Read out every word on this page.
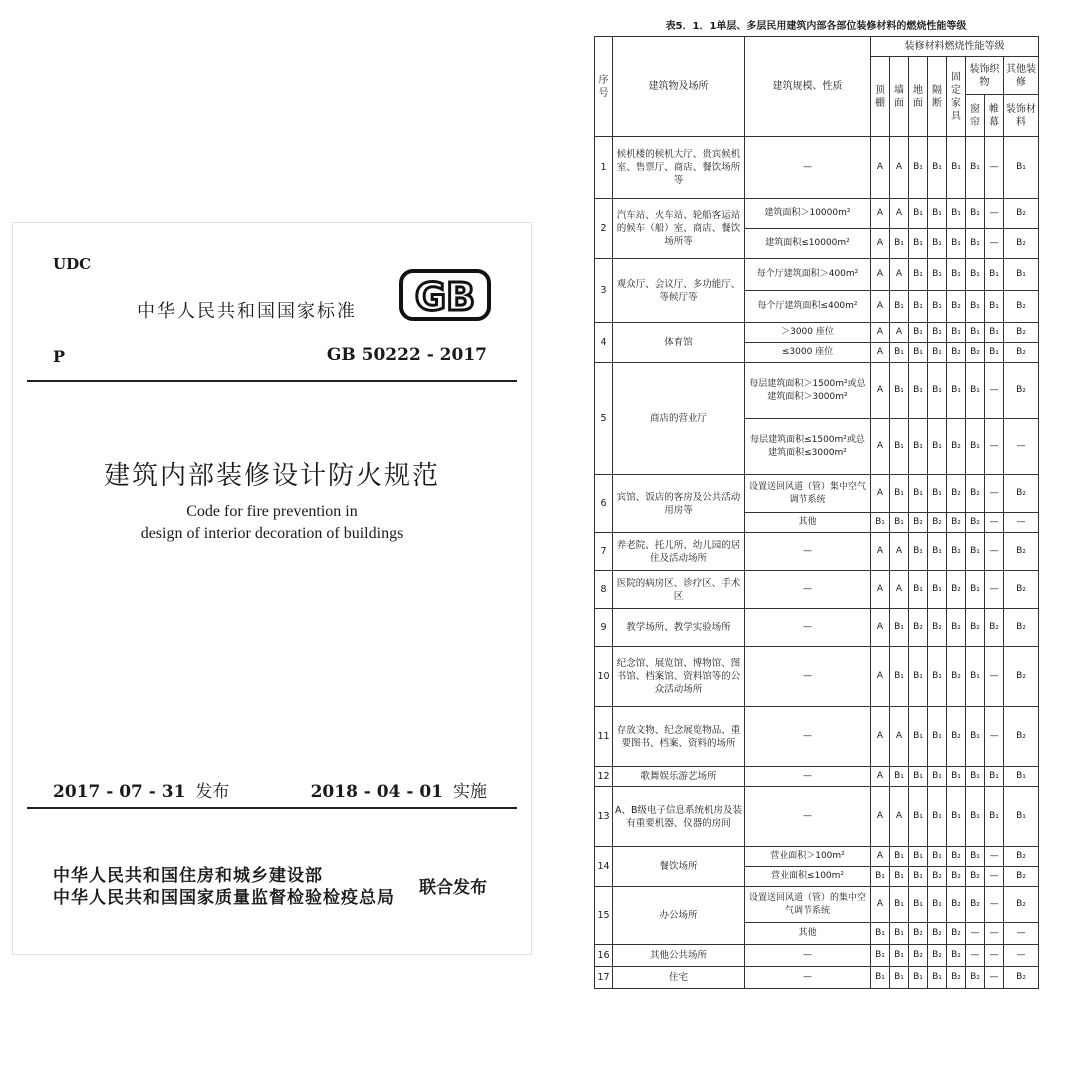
UDC
中华人民共和国国家标准 GB
P	GB 50222 - 2017
建筑内部装修设计防火规范
Code for fire prevention in
design of interior decoration of buildings
2017 - 07 - 31 发布	2018 - 04 - 01 实施
中华人民共和国住房和城乡建设部
中华人民共和国国家质量监督检验检疫总局 联合发布
表5．1．1单层、多层民用建筑内部各部位装修材料的燃烧性能等级
序号	建筑物及场所	建筑规模、性质	装修材料燃烧性能等级							
			顶棚	墙面	地面	隔断	固定家具	装饰织物		其他装修
								窗帘	帷幕	装饰材料
1	候机楼的候机大厅、贵宾候机室、售票厅、商店、餐饮场所等	—	A	A	B₁	B₁	B₁	B₁	—	B₁
2	汽车站、火车站、轮船客运站的候车（船）室、商店、餐饮场所等	建筑面积＞10000m²	A	A	B₁	B₁	B₁	B₁	—	B₂
		建筑面积≤10000m²	A	B₁	B₁	B₁	B₁	B₁	—	B₂
3	观众厅、会议厅、多功能厅、等候厅等	每个厅建筑面积＞400m²	A	A	B₁	B₁	B₁	B₁	B₁	B₁
		每个厅建筑面积≤400m²	A	B₁	B₁	B₁	B₂	B₁	B₁	B₂
4	体育馆	＞3000 座位	A	A	B₁	B₁	B₁	B₁	B₁	B₂
		≤3000 座位	A	B₁	B₁	B₁	B₂	B₂	B₁	B₂
5	商店的营业厅	每层建筑面积＞1500m²或总建筑面积＞3000m²	A	B₁	B₁	B₁	B₁	B₁	—	B₂
		每层建筑面积≤1500m²或总建筑面积≤3000m²	A	B₁	B₁	B₁	B₂	B₁	—	—
6	宾馆、饭店的客房及公共活动用房等	设置送回风道（管）集中空气调节系统	A	B₁	B₁	B₁	B₂	B₂	—	B₂
		其他	B₁	B₁	B₂	B₂	B₂	B₂	—	—
7	养老院、托儿所、幼儿园的居住及活动场所	—	A	A	B₁	B₁	B₂	B₁	—	B₂
8	医院的病房区、诊疗区、手术区	—	A	A	B₁	B₁	B₂	B₁	—	B₂
9	教学场所、教学实验场所	—	A	B₁	B₂	B₂	B₂	B₂	B₂	B₂
10	纪念馆、展览馆、博物馆、图书馆、档案馆、资料馆等的公众活动场所	—	A	B₁	B₁	B₁	B₂	B₁	—	B₂
11	存放文物、纪念展览物品、重要图书、档案、资料的场所	—	A	A	B₁	B₁	B₂	B₁	—	B₂
12	歌舞娱乐游艺场所	—	A	B₁	B₁	B₁	B₁	B₁	B₁	B₁
13	A、B级电子信息系统机房及装有重要机器、仪器的房间	—	A	A	B₁	B₁	B₁	B₁	B₁	B₁
14	餐饮场所	营业面积＞100m²	A	B₁	B₁	B₁	B₂	B₁	—	B₂
		营业面积≤100m²	B₁	B₁	B₁	B₂	B₂	B₂	—	B₂
15	办公场所	设置送回风道（管）的集中空气调节系统	A	B₁	B₁	B₁	B₂	B₂	—	B₂
		其他	B₁	B₁	B₂	B₂	B₂	—	—	—
16	其他公共场所	—	B₁	B₁	B₂	B₂	B₂	—	—	—
17	住宅	—	B₁	B₁	B₁	B₁	B₂	B₂	—	B₂
